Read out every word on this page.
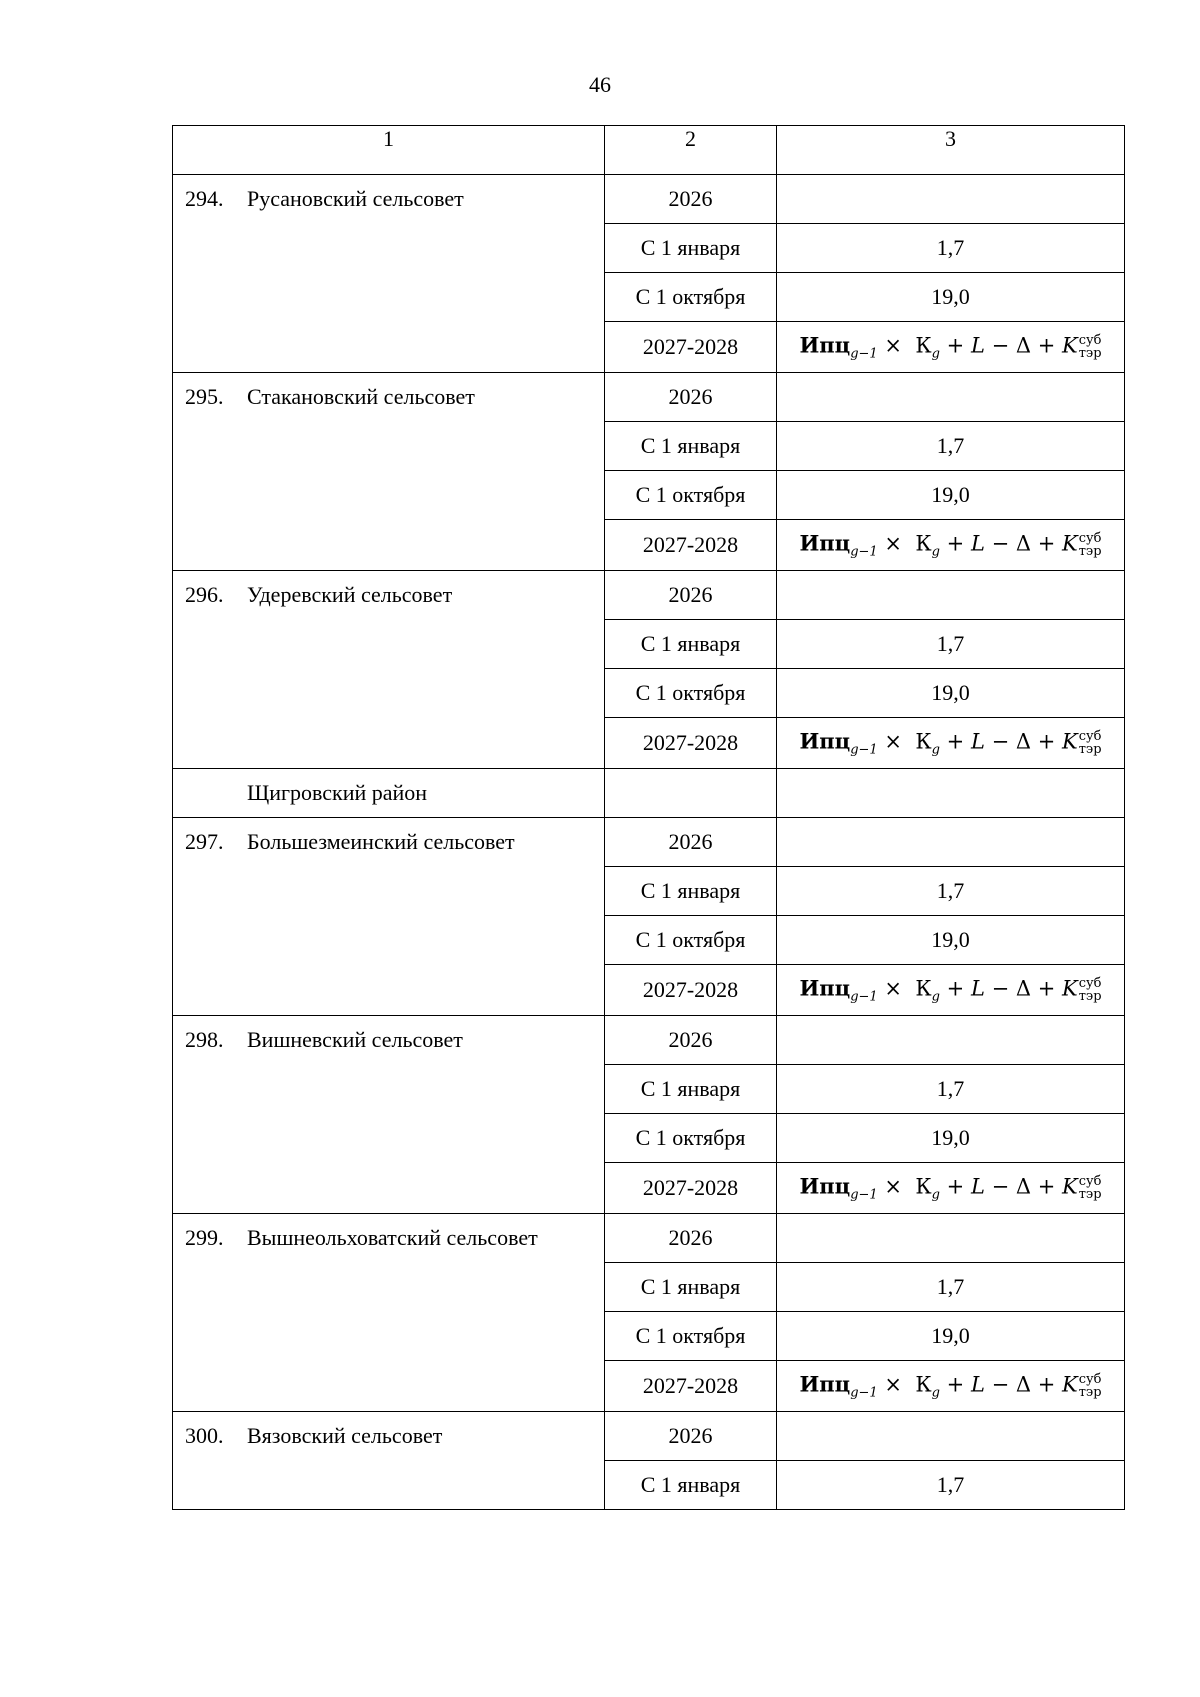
46
1	2	3
294. Русановский сельсовет	2026	
	С 1 января	1,7
	С 1 октября	19,0
	2027-2028	$Ипц_{g-1} \times К_g + L - \Delta + K$ суб
тэр

295. Стакановский сельсовет	2026	
	С 1 января	1,7
	С 1 октября	19,0
	2027-2028	$Ипц_{g-1} \times К_g + L - \Delta + K$ суб
тэр

296. Удеревский сельсовет	2026	
	С 1 января	1,7
	С 1 октября	19,0
	2027-2028	$Ипц_{g-1} \times К_g + L - \Delta + K$ суб
тэр

Щигровский район		
297. Большезмеинский сельсовет	2026	
	С 1 января	1,7
	С 1 октября	19,0
	2027-2028	$Ипц_{g-1} \times К_g + L - \Delta + K$ суб
тэр

298. Вишневский сельсовет	2026	
	С 1 января	1,7
	С 1 октября	19,0
	2027-2028	$Ипц_{g-1} \times К_g + L - \Delta + K$ суб
тэр

299. Вышнеольховатский сельсовет	2026	
	С 1 января	1,7
	С 1 октября	19,0
	2027-2028	$Ипц_{g-1} \times К_g + L - \Delta + K$ суб
тэр

300. Вязовский сельсовет	2026	
	С 1 января	1,7
